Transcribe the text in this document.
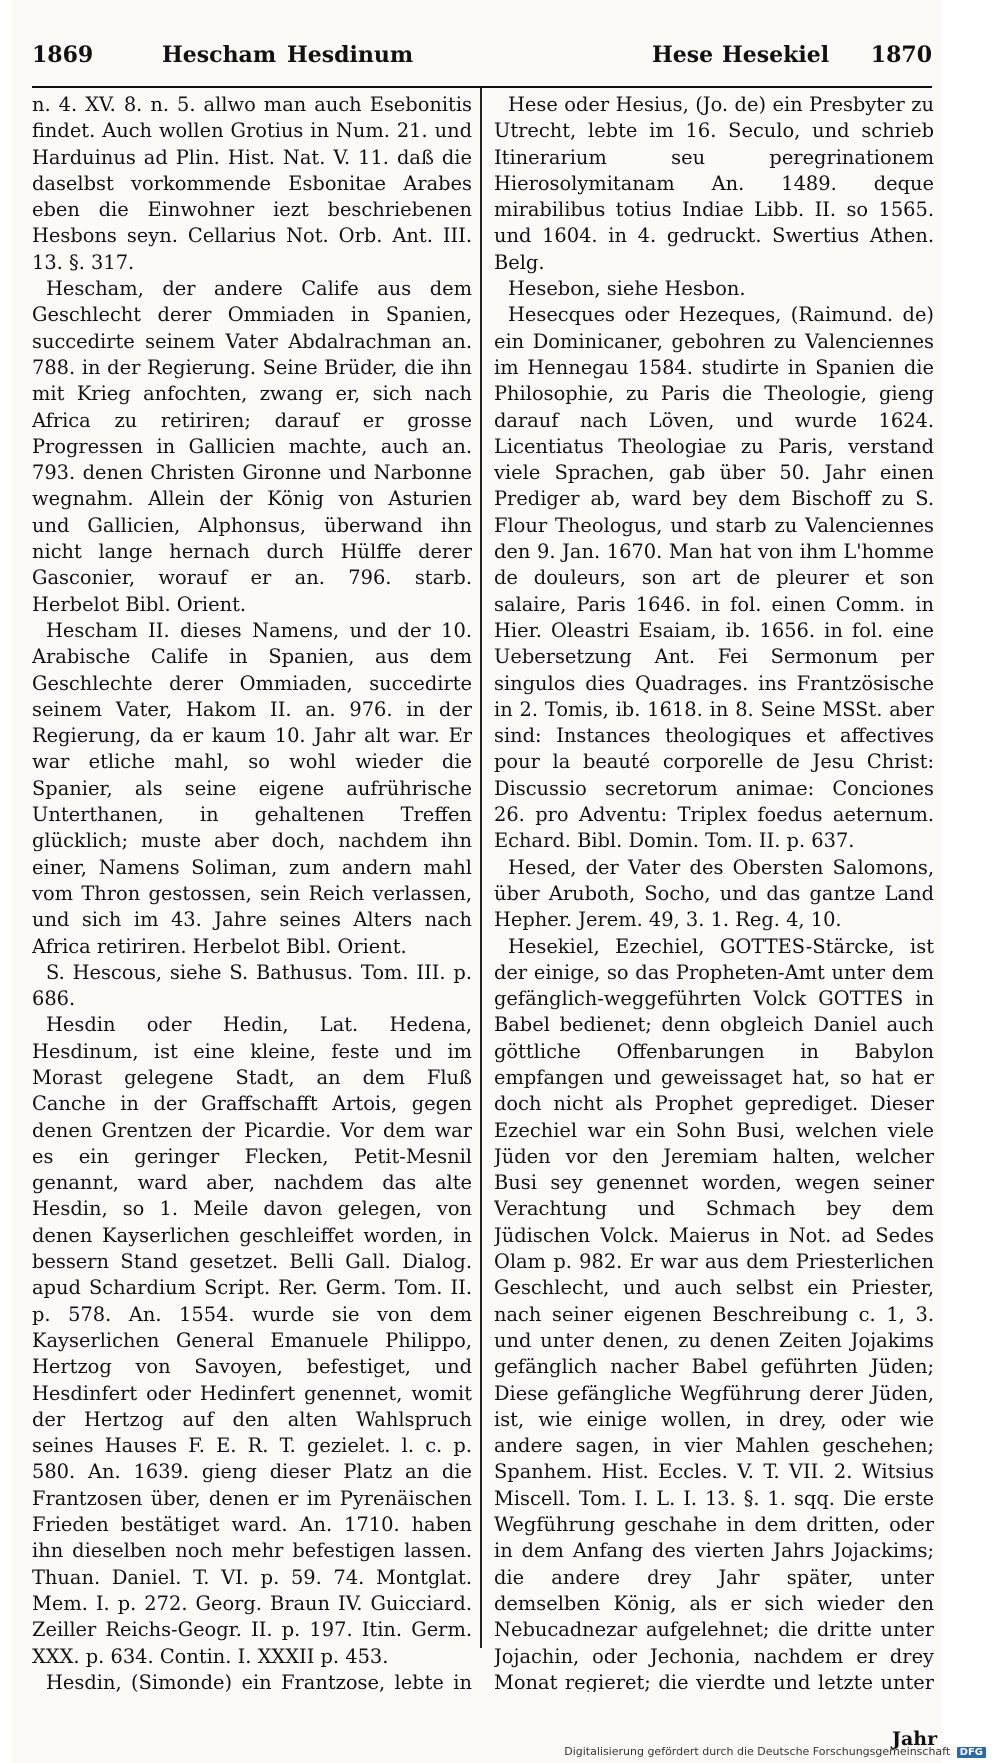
1869	Hescham Hesdinum	Hese Hesekiel 1870

n. 4. XV. 8. n. 5. allwo man auch Esebonitis findet. Auch wollen Grotius in Num. 21. und Harduinus ad Plin. Hist. Nat. V. 11. daß die daselbst vorkommende Esbonitae Arabes eben die Einwohner iezt beschriebenen Hesbons seyn. Cellarius Not. Orb. Ant. III. 13. §. 317.

Hescham, der andere Calife aus dem Geschlecht derer Ommiaden in Spanien, succedirte seinem Vater Abdalrachman an. 788. in der Regierung. Seine Brüder, die ihn mit Krieg anfochten, zwang er, sich nach Africa zu retiriren; darauf er grosse Progressen in Gallicien machte, auch an. 793. denen Christen Gironne und Narbonne wegnahm. Allein der König von Asturien und Gallicien, Alphonsus, überwand ihn nicht lange hernach durch Hülffe derer Gasconier, worauf er an. 796. starb. Herbelot Bibl. Orient.

Hescham II. dieses Namens, und der 10. Arabische Calife in Spanien, aus dem Geschlechte derer Ommiaden, succedirte seinem Vater, Hakom II. an. 976. in der Regierung, da er kaum 10. Jahr alt war. Er war etliche mahl, so wohl wieder die Spanier, als seine eigene aufrührische Unterthanen, in gehaltenen Treffen glücklich; muste aber doch, nachdem ihn einer, Namens Soliman, zum andern mahl vom Thron gestossen, sein Reich verlassen, und sich im 43. Jahre seines Alters nach Africa retiriren. Herbelot Bibl. Orient.

S. Hescous, siehe S. Bathusus. Tom. III. p. 686.

Hesdin oder Hedin, Lat. Hedena, Hesdinum, ist eine kleine, feste und im Morast gelegene Stadt, an dem Fluß Canche in der Graffschafft Artois, gegen denen Grentzen der Picardie. Vor dem war es ein geringer Flecken, Petit-Mesnil genannt, ward aber, nachdem das alte Hesdin, so 1. Meile davon gelegen, von denen Kayserlichen geschleiffet worden, in bessern Stand gesetzet. Belli Gall. Dialog. apud Schardium Script. Rer. Germ. Tom. II. p. 578. An. 1554. wurde sie von dem Kayserlichen General Emanuele Philippo, Hertzog von Savoyen, befestiget, und Hesdinfert oder Hedinfert genennet, womit der Hertzog auf den alten Wahlspruch seines Hauses F. E. R. T. gezielet. l. c. p. 580. An. 1639. gieng dieser Platz an die Frantzosen über, denen er im Pyrenäischen Frieden bestätiget ward. An. 1710. haben ihn dieselben noch mehr befestigen lassen. Thuan. Daniel. T. VI. p. 59. 74. Montglat. Mem. I. p. 272. Georg. Braun IV. Guicciard. Zeiller Reichs-Geogr. II. p. 197. Itin. Germ. XXX. p. 634. Contin. I. XXXII p. 453.

Hesdin, (Simonde) ein Frantzose, lebte in

Hese oder Hesius, (Jo. de) ein Presbyter zu Utrecht, lebte im 16. Seculo, und schrieb Itinerarium seu peregrinationem Hierosolymitanam An. 1489. deque mirabilibus totius Indiae Libb. II. so 1565. und 1604. in 4. gedruckt. Swertius Athen. Belg.

Hesebon, siehe Hesbon.

Hesecques oder Hezeques, (Raimund. de) ein Dominicaner, gebohren zu Valenciennes im Hennegau 1584. studirte in Spanien die Philosophie, zu Paris die Theologie, gieng darauf nach Löven, und wurde 1624. Licentiatus Theologiae zu Paris, verstand viele Sprachen, gab über 50. Jahr einen Prediger ab, ward bey dem Bischoff zu S. Flour Theologus, und starb zu Valenciennes den 9. Jan. 1670. Man hat von ihm L'homme de douleurs, son art de pleurer et son salaire, Paris 1646. in fol. einen Comm. in Hier. Oleastri Esaiam, ib. 1656. in fol. eine Uebersetzung Ant. Fei Sermonum per singulos dies Quadrages. ins Frantzösische in 2. Tomis, ib. 1618. in 8. Seine MSSt. aber sind: Instances theologiques et affectives pour la beauté corporelle de Jesu Christ: Discussio secretorum animae: Conciones 26. pro Adventu: Triplex foedus aeternum. Echard. Bibl. Domin. Tom. II. p. 637.

Hesed, der Vater des Obersten Salomons, über Aruboth, Socho, und das gantze Land Hepher. Jerem. 49, 3. 1. Reg. 4, 10.

Hesekiel, Ezechiel, GOTTES-Stärcke, ist der einige, so das Propheten-Amt unter dem gefänglich-weggeführten Volck GOTTES in Babel bedienet; denn obgleich Daniel auch göttliche Offenbarungen in Babylon empfangen und geweissaget hat, so hat er doch nicht als Prophet geprediget. Dieser Ezechiel war ein Sohn Busi, welchen viele Jüden vor den Jeremiam halten, welcher Busi sey genennet worden, wegen seiner Verachtung und Schmach bey dem Jüdischen Volck. Maierus in Not. ad Sedes Olam p. 982. Er war aus dem Priesterlichen Geschlecht, und auch selbst ein Priester, nach seiner eigenen Beschreibung c. 1, 3. und unter denen, zu denen Zeiten Jojakims gefänglich nacher Babel geführten Jüden; Diese gefängliche Wegführung derer Jüden, ist, wie einige wollen, in drey, oder wie andere sagen, in vier Mahlen geschehen; Spanhem. Hist. Eccles. V. T. VII. 2. Witsius Miscell. Tom. I. L. I. 13. §. 1. sqq. Die erste Wegführung geschahe in dem dritten, oder in dem Anfang des vierten Jahrs Jojackims; die andere drey Jahr später, unter demselben König, als er sich wieder den Nebucadnezar aufgelehnet; die dritte unter Jojachin, oder Jechonia, nachdem er drey Monat regieret; die vierdte und letzte unter

Jahr
Digitalisierung gefördert durch die Deutsche Forschungsgemeinschaft DFG
